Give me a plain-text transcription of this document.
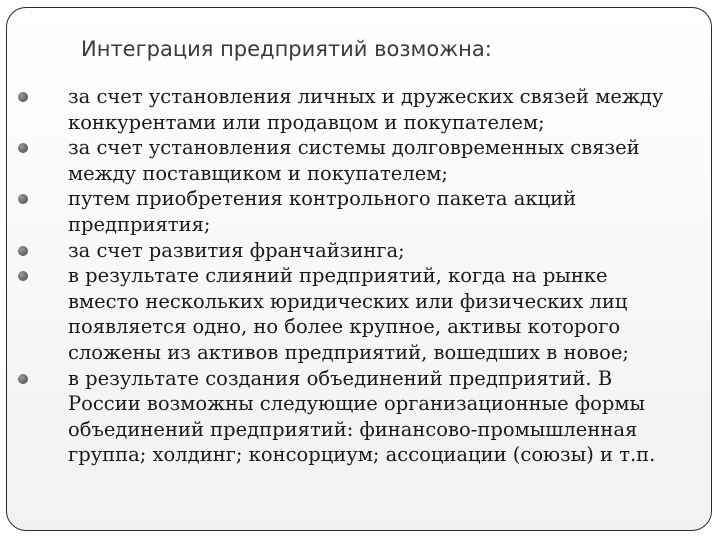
Интеграция предприятий возможна:
за счет установления личных и дружеских связей между
конкурентами или продавцом и покупателем;
за счет установления системы долговременных связей
между поставщиком и покупателем;
путем приобретения контрольного пакета акций
предприятия;
за счет развития франчайзинга;
в результате слияний предприятий, когда на рынке
вместо нескольких юридических или физических лиц
появляется одно, но более крупное, активы которого
сложены из активов предприятий, вошедших в новое;
в результате создания объединений предприятий. В
России возможны следующие организационные формы
объединений предприятий: финансово-промышленная
группа; холдинг; консорциум; ассоциации (союзы) и т.п.
